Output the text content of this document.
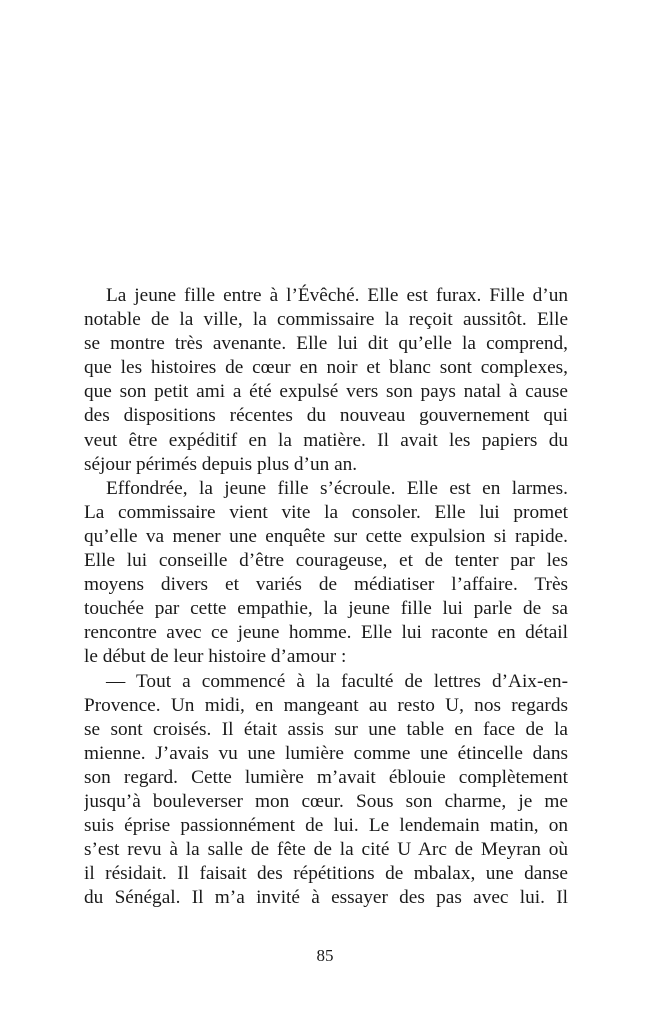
La jeune fille entre à l’Évêché. Elle est furax. Fille d’un
notable de la ville, la commissaire la reçoit aussitôt. Elle
se montre très avenante. Elle lui dit qu’elle la comprend,
que les histoires de cœur en noir et blanc sont complexes,
que son petit ami a été expulsé vers son pays natal à cause
des dispositions récentes du nouveau gouvernement qui
veut être expéditif en la matière. Il avait les papiers du
séjour périmés depuis plus d’un an.
Effondrée, la jeune fille s’écroule. Elle est en larmes.
La commissaire vient vite la consoler. Elle lui promet
qu’elle va mener une enquête sur cette expulsion si rapide.
Elle lui conseille d’être courageuse, et de tenter par les
moyens divers et variés de médiatiser l’affaire. Très
touchée par cette empathie, la jeune fille lui parle de sa
rencontre avec ce jeune homme. Elle lui raconte en détail
le début de leur histoire d’amour :
— Tout a commencé à la faculté de lettres d’Aix-en-
Provence. Un midi, en mangeant au resto U, nos regards
se sont croisés. Il était assis sur une table en face de la
mienne. J’avais vu une lumière comme une étincelle dans
son regard. Cette lumière m’avait éblouie complètement
jusqu’à bouleverser mon cœur. Sous son charme, je me
suis éprise passionnément de lui. Le lendemain matin, on
s’est revu à la salle de fête de la cité U Arc de Meyran où
il résidait. Il faisait des répétitions de mbalax, une danse
du Sénégal. Il m’a invité à essayer des pas avec lui. Il
85
